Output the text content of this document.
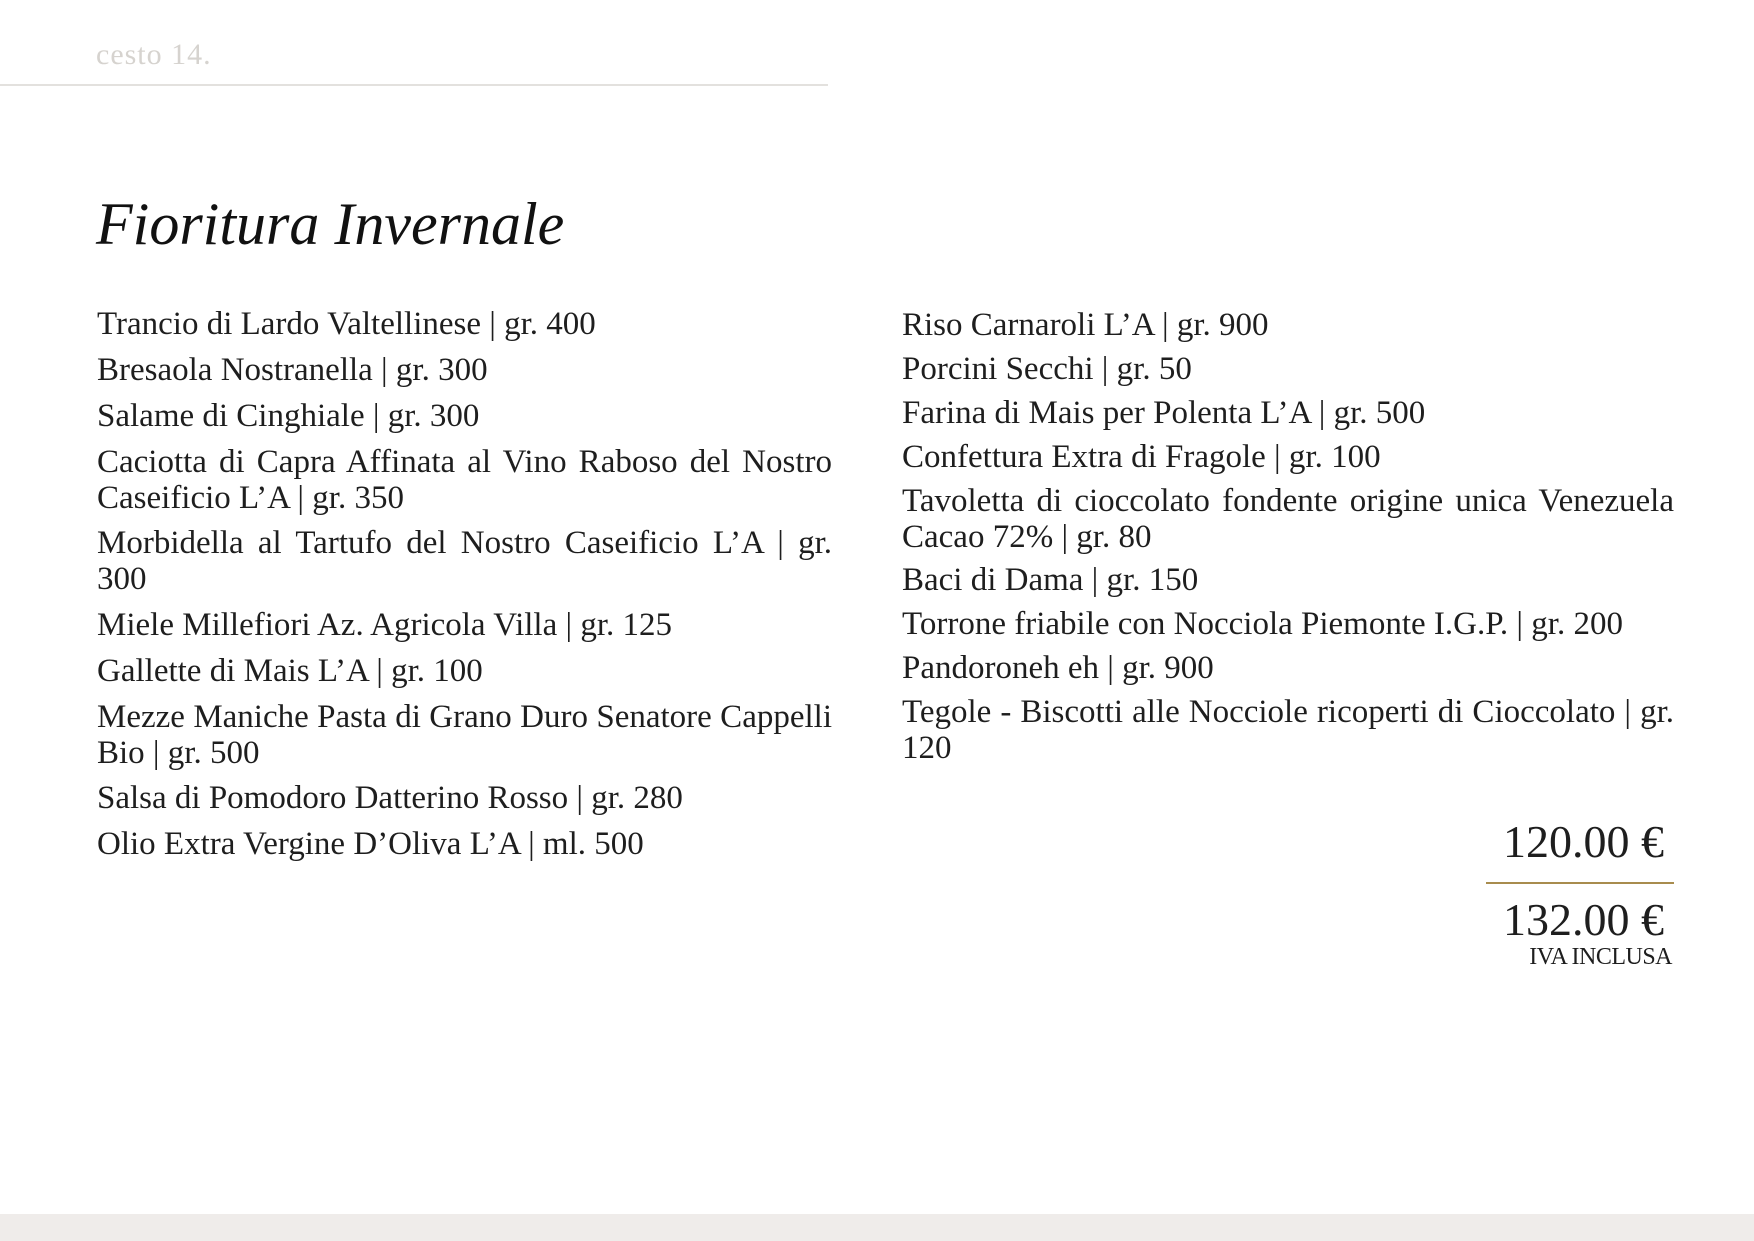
cesto 14.
Fioritura Invernale
Trancio di Lardo Valtellinese | gr. 400
Bresaola Nostranella | gr. 300
Salame di Cinghiale | gr. 300
Caciotta di Capra Affinata al Vino Raboso del Nostro Caseificio L’A | gr. 350
Morbidella al Tartufo del Nostro Caseificio L’A | gr. 300
Miele Millefiori Az. Agricola Villa | gr. 125
Gallette di Mais L’A | gr. 100
Mezze Maniche Pasta di Grano Duro Senatore Cappelli Bio | gr. 500
Salsa di Pomodoro Datterino Rosso | gr. 280
Olio Extra Vergine D’Oliva L’A | ml. 500
Riso Carnaroli L’A | gr. 900
Porcini Secchi | gr. 50
Farina di Mais per Polenta L’A | gr. 500
Confettura Extra di Fragole | gr. 100
Tavoletta di cioccolato fondente origine unica Venezuela Cacao 72% | gr. 80
Baci di Dama | gr. 150
Torrone friabile con Nocciola Piemonte I.G.P. | gr. 200
Pandoroneh eh | gr. 900
Tegole - Biscotti alle Nocciole ricoperti di Cioccolato | gr. 120
120.00 €
132.00 €
IVA INCLUSA
